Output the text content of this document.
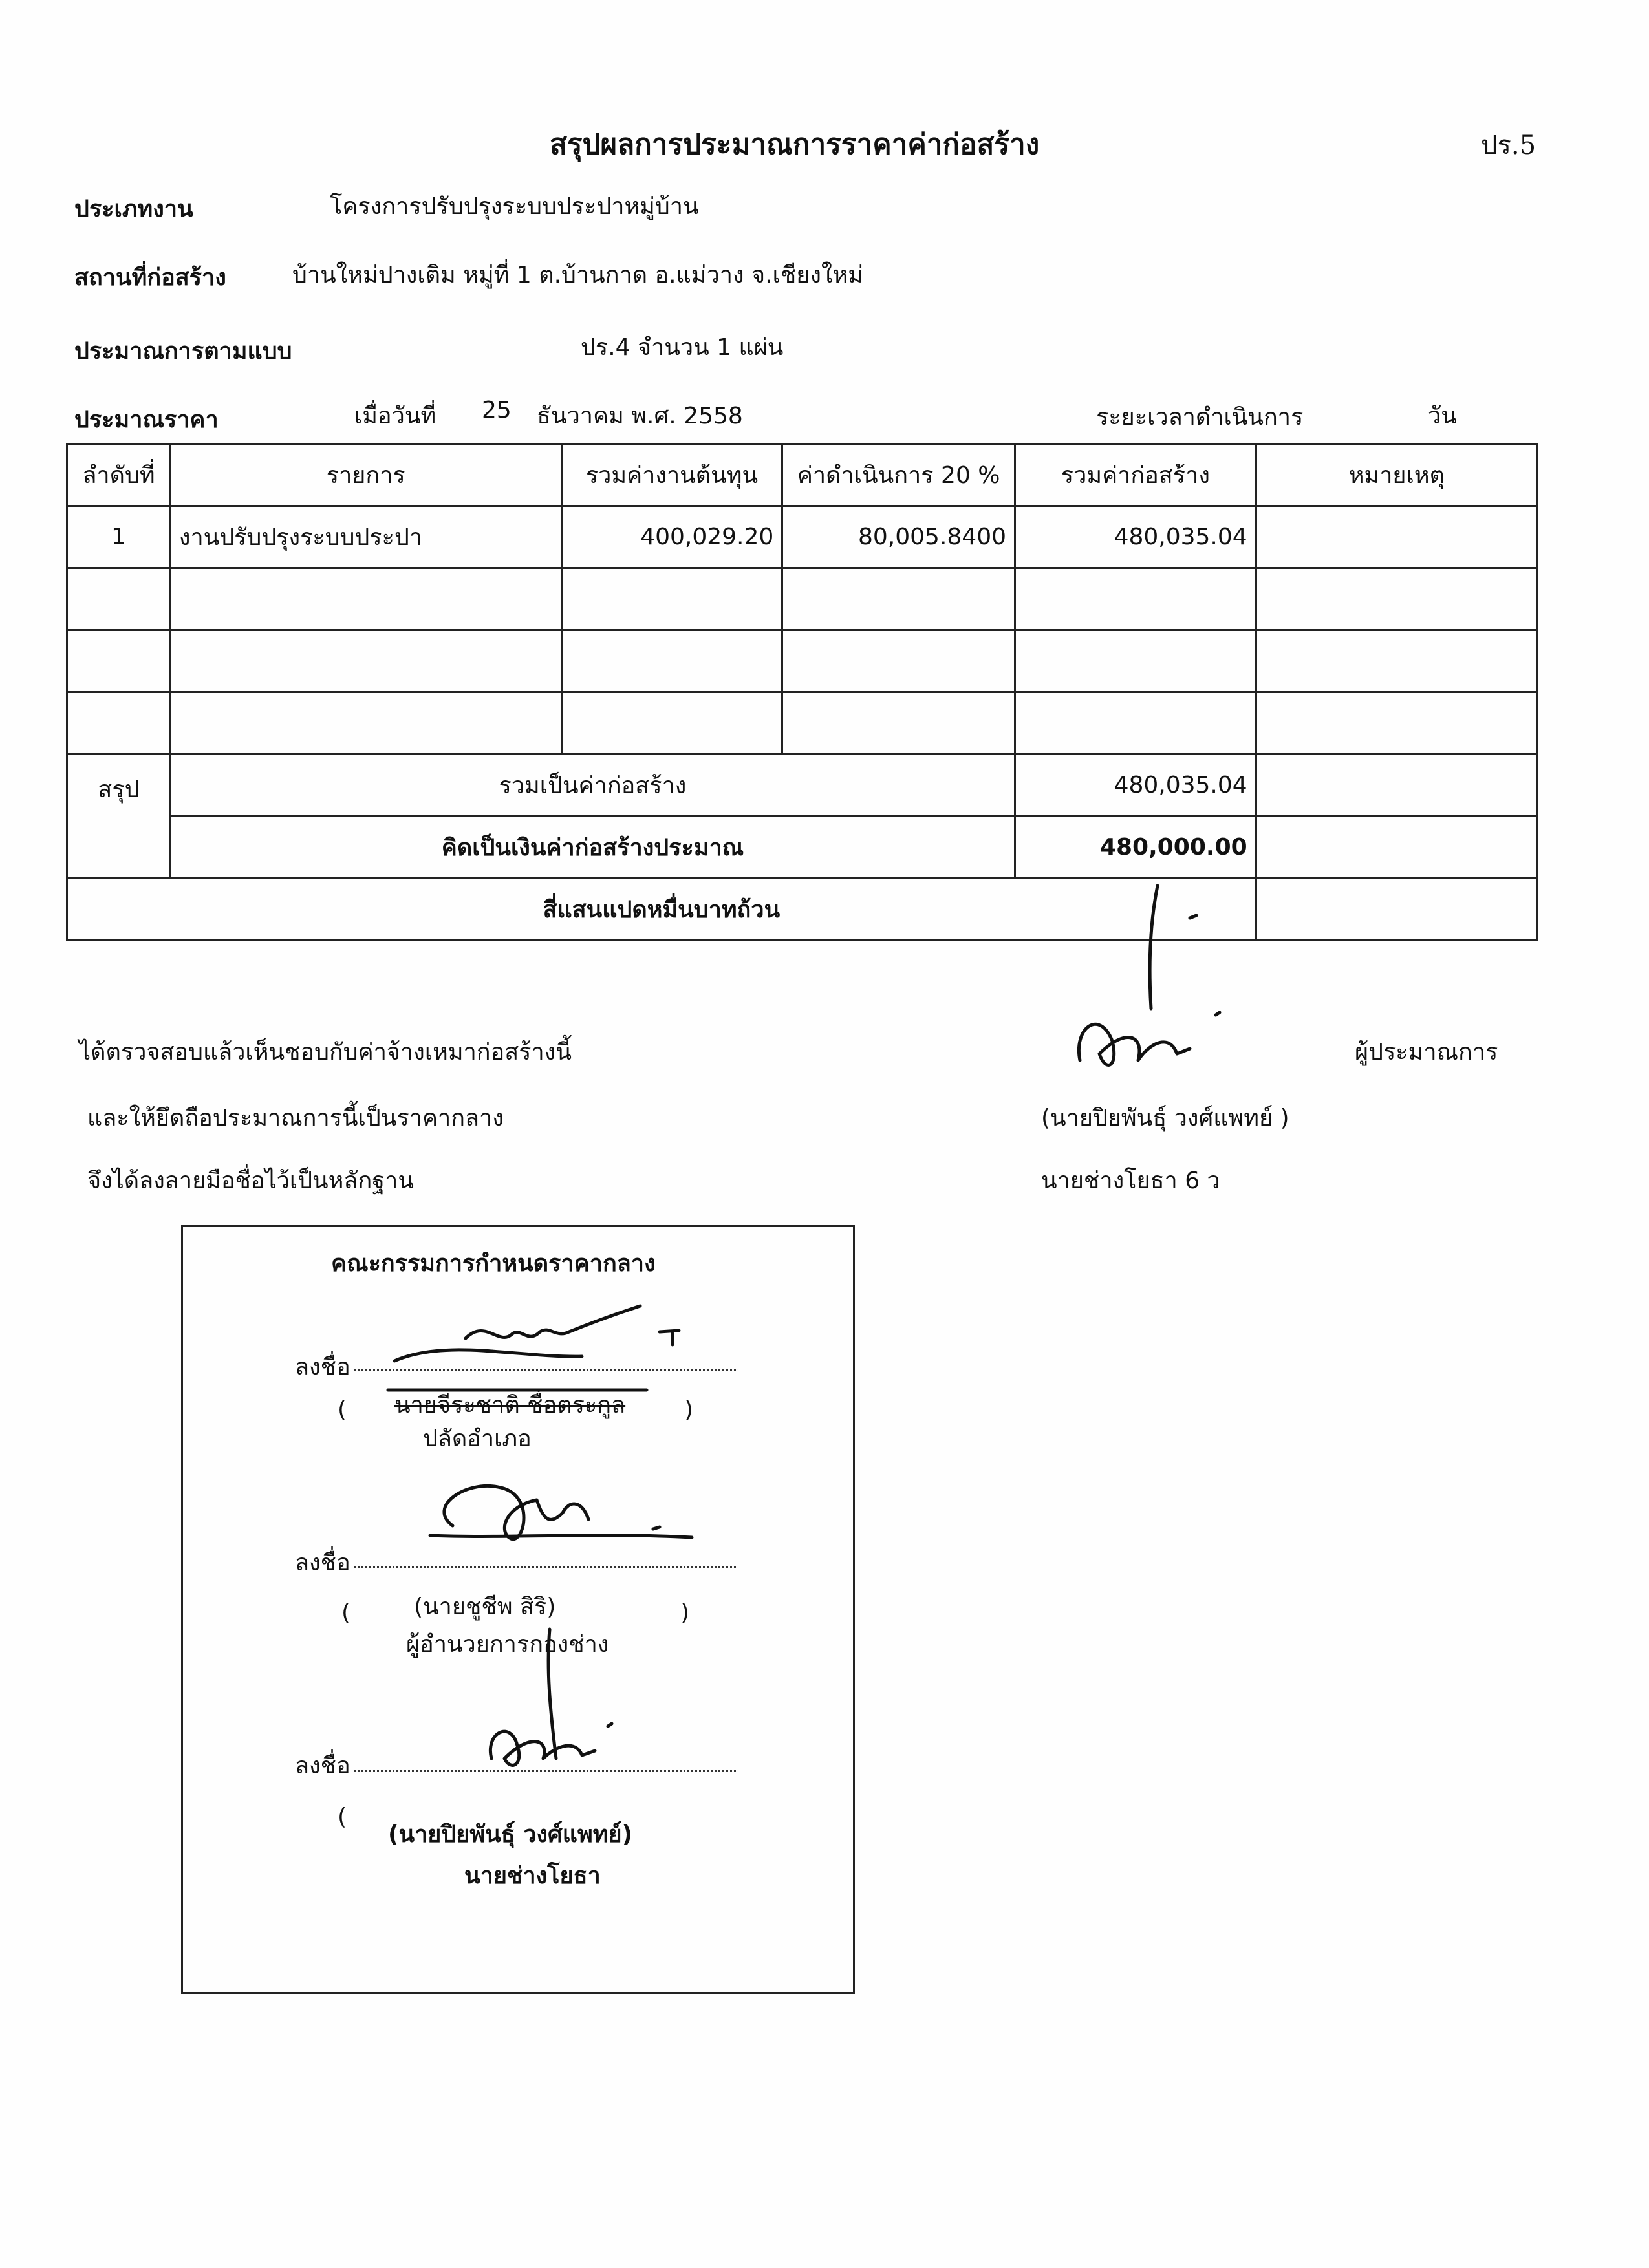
สรุปผลการประมาณการราคาค่าก่อสร้าง	ปร.5
ประเภทงาน	โครงการปรับปรุงระบบประปาหมู่บ้าน
สถานที่ก่อสร้าง	บ้านใหม่ปางเติม หมู่ที่ 1 ต.บ้านกาด อ.แม่วาง จ.เชียงใหม่
ประมาณการตามแบบ	ปร.4 จำนวน 1 แผ่น
ประมาณราคา	เมื่อวันที่ 25 ธันวาคม พ.ศ. 2558	ระยะเวลาดำเนินการ	วัน
ลำดับที่	รายการ	รวมค่างานต้นทุน	ค่าดำเนินการ 20 %	รวมค่าก่อสร้าง	หมายเหตุ
1	งานปรับปรุงระบบประปา	400,029.20	80,005.8400	480,035.04	

สรุป	รวมเป็นค่าก่อสร้าง			480,035.04	
	คิดเป็นเงินค่าก่อสร้างประมาณ			480,000.00	
สี่แสนแปดหมื่นบาทถ้วน					
ได้ตรวจสอบแล้วเห็นชอบกับค่าจ้างเหมาก่อสร้างนี้
และให้ยึดถือประมาณการนี้เป็นราคากลาง
จึงได้ลงลายมือชื่อไว้เป็นหลักฐาน
ผู้ประมาณการ
(นายปิยพันธุ์ วงศ์แพทย์ )
นายช่างโยธา 6 ว
คณะกรรมการกำหนดราคากลาง
ลงชื่อ
( นายจีระชาติ ชื่อตระกูล	)
ปลัดอำเภอ
ลงชื่อ
(	(นายชูชีพ สิริ)	)
ผู้อำนวยการกองช่าง
ลงชื่อ
(
(นายปิยพันธุ์ วงศ์แพทย์)
นายช่างโยธา
